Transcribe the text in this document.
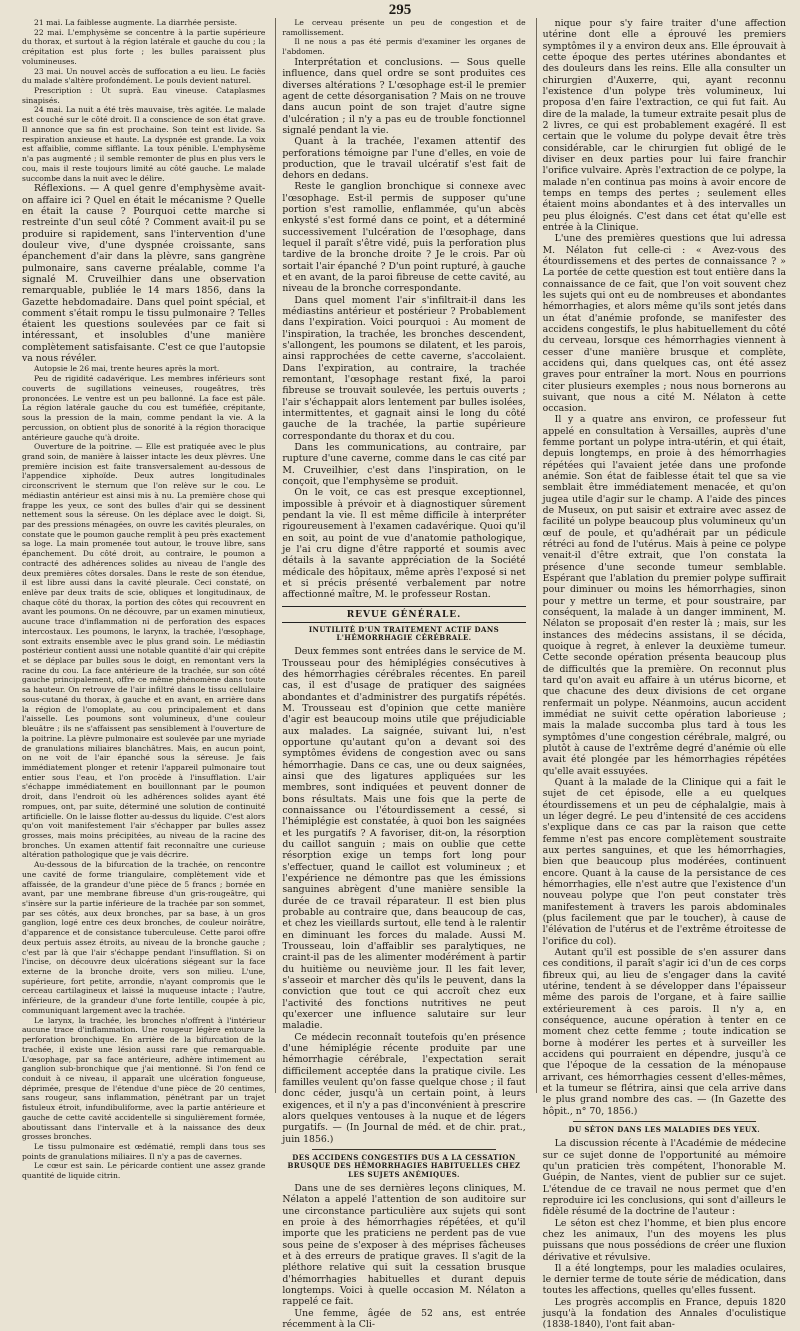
295

21 mai. La faiblesse augmente. La diarrhée persiste.

22 mai. L'emphysème se concentre à la partie supérieure du thorax, et surtout à la région latérale et gauche du cou ; la crépitation est plus forte ; les bulles paraissent plus volumineuses.

23 mai. Un nouvel accès de suffocation a eu lieu. Le faciès du malade s'altère profondément. Le pouls devient naturel.

Prescription : Ut suprà. Eau vineuse. Cataplasmes sinapisés.

24 mai. La nuit a été très mauvaise, très agitée. Le malade est couché sur le côté droit. Il a conscience de son état grave. Il annonce que sa fin est prochaine. Son teint est livide. Sa respiration anxieuse et haute. La dyspnée est grande. La voix est affaiblie, comme sifflante. La toux pénible. L'emphysème n'a pas augmenté ; il semble remonter de plus en plus vers le cou, mais il reste toujours limité au côté gauche. Le malade succombe dans la nuit avec le délire.

Réflexions. — A quel genre d'emphysème avait-on affaire ici ? Quel en était le mécanisme ? Quelle en était la cause ? Pourquoi cette marche si restreinte d'un seul côté ? Comment avait-il pu se produire si rapidement, sans l'intervention d'une douleur vive, d'une dyspnée croissante, sans épanchement d'air dans la plèvre, sans gangrène pulmonaire, sans caverne préalable, comme l'a signalé M. Cruveilhier dans une observation remarquable, publiée le 14 mars 1856, dans la Gazette hebdomadaire. Dans quel point spécial, et comment s'était rompu le tissu pulmonaire ? Telles étaient les questions soulevées par ce fait si intéressant, et insolubles d'une manière complètement satisfaisante. C'est ce que l'autopsie va nous révéler.

Autopsie le 26 mai, trente heures après la mort.

Peu de rigidité cadavérique. Les membres inférieurs sont couverts de sugillations veineuses, rougeâtres, très prononcées. Le ventre est un peu ballonné. La face est pâle. La région latérale gauche du cou est tuméfiée, crépitante, sous la pression de la main, comme pendant la vie. A la percussion, on obtient plus de sonorité à la région thoracique antérieure gauche qu'à droite.

Ouverture de la poitrine. — Elle est pratiquée avec le plus grand soin, de manière à laisser intacte les deux plèvres. Une première incision est faite transversalement au-dessous de l'appendice xiphoïde. Deux autres longitudinales circonscrivent le sternum que l'on relève sur le cou. Le médiastin antérieur est ainsi mis à nu. La première chose qui frappe les yeux, ce sont des bulles d'air qui se dessinent nettement sous la séreuse. On les déplace avec le doigt. Si, par des pressions ménagées, on ouvre les cavités pleurales, on constate que le poumon gauche remplit à peu près exactement sa loge. La main promenée tout autour, le trouve libre, sans épanchement. Du côté droit, au contraire, le poumon a contracté des adhérences solides au niveau de l'angle des deux premières côtes dorsales. Dans le reste de son étendue, il est libre aussi dans la cavité pleurale. Ceci constaté, on enlève par deux traits de scie, obliques et longitudinaux, de chaque côté du thorax, la portion des côtes qui recouvrent en avant les poumons. On ne découvre, par un examen minutieux, aucune trace d'inflammation ni de perforation des espaces intercostaux. Les poumons, le larynx, la trachée, l'œsophage, sont extraits ensemble avec le plus grand soin. Le médiastin postérieur contient aussi une notable quantité d'air qui crépite et se déplace par bulles sous le doigt, en remontant vers la racine du cou. La face antérieure de la trachée, sur son côté gauche principalement, offre ce même phénomène dans toute sa hauteur. On retrouve de l'air infiltré dans le tissu cellulaire sous-cutané du thorax, à gauche et en avant, en arrière dans la région de l'omoplate, au cou principalement et dans l'aisselle. Les poumons sont volumineux, d'une couleur bleuâtre ; ils ne s'affaissent pas sensiblement à l'ouverture de la poitrine. La plèvre pulmonaire est soulevée par une myriade de granulations miliaires blanchâtres. Mais, en aucun point, on ne voit de l'air épanché sous la séreuse. Je fais immédiatement plonger et retenir l'appareil pulmonaire tout entier sous l'eau, et l'on procède à l'insufflation. L'air s'échappe immédiatement en bouillonnant par le poumon droit, dans l'endroit où les adhérences solides ayant été rompues, ont, par suite, déterminé une solution de continuité artificielle. On le laisse flotter au-dessus du liquide. C'est alors qu'on voit manifestement l'air s'échapper par bulles assez grosses, mais moins précipitées, au niveau de la racine des bronches. Un examen attentif fait reconnaître une curieuse altération pathologique que je vais décrire.

Au-dessous de la bifurcation de la trachée, on rencontre une cavité de forme triangulaire, complètement vide et affaissée, de la grandeur d'une pièce de 5 francs ; bornée en avant, par une membrane fibreuse d'un gris-rougeâtre, qui s'insère sur la partie inférieure de la trachée par son sommet, par ses côtés, aux deux bronches, par sa base, à un gros ganglion, logé entre ces deux bronches, de couleur noirâtre, d'apparence et de consistance tuberculeuse. Cette paroi offre deux pertuis assez étroits, au niveau de la bronche gauche ; c'est par là que l'air s'échappe pendant l'insufflation. Si on l'incise, on découvre deux ulcérations siégeant sur la face externe de la bronche droite, vers son milieu. L'une, supérieure, fort petite, arrondie, n'ayant compromis que le cerceau cartilagineux et laissé la muqueuse intacte ; l'autre, inférieure, de la grandeur d'une forte lentille, coupée à pic, communiquant largement avec la trachée.

Le larynx, la trachée, les bronches n'offrent à l'intérieur aucune trace d'inflammation. Une rougeur légère entoure la perforation bronchique. En arrière de la bifurcation de la trachée, il existe une lésion aussi rare que remarquable. L'œsophage, par sa face antérieure, adhère intimement au ganglion sub-bronchique que j'ai mentionné. Si l'on fend ce conduit à ce niveau, il apparaît une ulcération fongueuse, déprimée, presque de l'étendue d'une pièce de 20 centimes, sans rougeur, sans inflammation, pénétrant par un trajet fistuleux étroit, infundibuliforme, avec la partie antérieure et gauche de cette cavité accidentelle si singulièrement formée, aboutissant dans l'intervalle et à la naissance des deux grosses bronches.

Le tissu pulmonaire est œdématié, rempli dans tous ses points de granulations miliaires. Il n'y a pas de cavernes.

Le cœur est sain. Le péricarde contient une assez grande quantité de liquide citrin.

Le cerveau présente un peu de congestion et de ramollissement.

Il ne nous a pas été permis d'examiner les organes de l'abdomen.

Interprétation et conclusions. — Sous quelle influence, dans quel ordre se sont produites ces diverses altérations ? L'œsophage est-il le premier agent de cette désorganisation ? Mais on ne trouve dans aucun point de son trajet d'autre signe d'ulcération ; il n'y a pas eu de trouble fonctionnel signalé pendant la vie.

Quant à la trachée, l'examen attentif des perforations témoigne par l'une d'elles, en voie de production, que le travail ulcératif s'est fait de dehors en dedans.

Reste le ganglion bronchique si connexe avec l'œsophage. Est-il permis de supposer qu'une portion s'est ramollie, enflammée, qu'un abcès enkysté s'est formé dans ce point, et a déterminé successivement l'ulcération de l'œsophage, dans lequel il paraît s'être vidé, puis la perforation plus tardive de la bronche droite ? Je le crois. Par où sortait l'air épanché ? D'un point rupturé, à gauche et en avant, de la paroi fibreuse de cette cavité, au niveau de la bronche correspondante.

Dans quel moment l'air s'infiltrait-il dans les médiastins antérieur et postérieur ? Probablement dans l'expiration. Voici pourquoi : Au moment de l'inspiration, la trachée, les bronches descendent, s'allongent, les poumons se dilatent, et les parois, ainsi rapprochées de cette caverne, s'accolaient. Dans l'expiration, au contraire, la trachée remontant, l'œsophage restant fixé, la paroi fibreuse se trouvait soulevée, les pertuis ouverts ; l'air s'échappait alors lentement par bulles isolées, intermittentes, et gagnait ainsi le long du côté gauche de la trachée, la partie supérieure correspondante du thorax et du cou.

Dans les communications, au contraire, par rupture d'une caverne, comme dans le cas cité par M. Cruveilhier, c'est dans l'inspiration, on le conçoit, que l'emphysème se produit.

On le voit, ce cas est presque exceptionnel, impossible à prévoir et à diagnostiquer sûrement pendant la vie. Il est même difficile à interpréter rigoureusement à l'examen cadavérique. Quoi qu'il en soit, au point de vue d'anatomie pathologique, je l'ai cru digne d'être rapporté et soumis avec détails à la savante appréciation de la Société médicale des hôpitaux, même après l'exposé si net et si précis présenté verbalement par notre affectionné maître, M. le professeur Rostan.

REVUE GÉNÉRALE.
INUTILITÉ D'UN TRAITEMENT ACTIF DANS L'HÉMORRHAGIE CÉRÉBRALE.

Deux femmes sont entrées dans le service de M. Trousseau pour des hémiplégies consécutives à des hémorrhagies cérébrales récentes. En pareil cas, il est d'usage de pratiquer des saignées abondantes et d'administrer des purgatifs répétés. M. Trousseau est d'opinion que cette manière d'agir est beaucoup moins utile que préjudiciable aux malades. La saignée, suivant lui, n'est opportune qu'autant qu'on a devant soi des symptômes évidens de congestion avec ou sans hémorrhagie. Dans ce cas, une ou deux saignées, ainsi que des ligatures appliquées sur les membres, sont indiquées et peuvent donner de bons résultats. Mais une fois que la perte de connaissance ou l'étourdissement a cessé, si l'hémiplégie est constatée, à quoi bon les saignées et les purgatifs ? A favoriser, dit-on, la résorption du caillot sanguin ; mais on oublie que cette résorption exige un temps fort long pour s'effectuer, quand le caillot est volumineux ; et l'expérience ne démontre pas que les émissions sanguines abrègent d'une manière sensible la durée de ce travail réparateur. Il est bien plus probable au contraire que, dans beaucoup de cas, et chez les vieillards surtout, elle tend à le ralentir en diminuant les forces du malade. Aussi M. Trousseau, loin d'affaiblir ses paralytiques, ne craint-il pas de les alimenter modérément à partir du huitième ou neuvième jour. Il les fait lever, s'asseoir et marcher dès qu'ils le peuvent, dans la conviction que tout ce qui accroît chez eux l'activité des fonctions nutritives ne peut qu'exercer une influence salutaire sur leur maladie.

Ce médecin reconnaît toutefois qu'en présence d'une hémiplégie récente produite par une hémorrhagie cérébrale, l'expectation serait difficilement acceptée dans la pratique civile. Les familles veulent qu'on fasse quelque chose ; il faut donc céder, jusqu'à un certain point, à leurs exigences, et il n'y a pas d'inconvénient à prescrire alors quelques ventouses à la nuque et de légers purgatifs. — (In Journal de méd. et de chir. prat., juin 1856.)

DES ACCIDENS CONGESTIFS DUS A LA CESSATION BRUSQUE DES HÉMORRHAGIES HABITUELLES CHEZ LES SUJETS ANÉMIQUES.

Dans une de ses dernières leçons cliniques, M. Nélaton a appelé l'attention de son auditoire sur une circonstance particulière aux sujets qui sont en proie à des hémorrhagies répétées, et qu'il importe que les praticiens ne perdent pas de vue sous peine de s'exposer à des méprises fâcheuses et à des erreurs de pratique graves. Il s'agit de la pléthore relative qui suit la cessation brusque d'hémorrhagies habituelles et durant depuis longtemps. Voici à quelle occasion M. Nélaton a rappelé ce fait.

Une femme, âgée de 52 ans, est entrée récemment à la Cli-

nique pour s'y faire traiter d'une affection utérine dont elle a éprouvé les premiers symptômes il y a environ deux ans. Elle éprouvait à cette époque des pertes utérines abondantes et des douleurs dans les reins. Elle alla consulter un chirurgien d'Auxerre, qui, ayant reconnu l'existence d'un polype très volumineux, lui proposa d'en faire l'extraction, ce qui fut fait. Au dire de la malade, la tumeur extraite pesait plus de 2 livres, ce qui est probablement exagéré. Il est certain que le volume du polype devait être très considérable, car le chirurgien fut obligé de le diviser en deux parties pour lui faire franchir l'orifice vulvaire. Après l'extraction de ce polype, la malade n'en continua pas moins à avoir encore de temps en temps des pertes ; seulement elles étaient moins abondantes et à des intervalles un peu plus éloignés. C'est dans cet état qu'elle est entrée à la Clinique.

L'une des premières questions que lui adressa M. Nélaton fut celle-ci : « Avez-vous des étourdissemens et des pertes de connaissance ? » La portée de cette question est tout entière dans la connaissance de ce fait, que l'on voit souvent chez les sujets qui ont eu de nombreuses et abondantes hémorrhagies, et alors même qu'ils sont jetés dans un état d'anémie profonde, se manifester des accidens congestifs, le plus habituellement du côté du cerveau, lorsque ces hémorrhagies viennent à cesser d'une manière brusque et complète, accidens qui, dans quelques cas, ont été assez graves pour entraîner la mort. Nous en pourrions citer plusieurs exemples ; nous nous bornerons au suivant, que nous a cité M. Nélaton à cette occasion.

Il y a quatre ans environ, ce professeur fut appelé en consultation à Versailles, auprès d'une femme portant un polype intra-utérin, et qui était, depuis longtemps, en proie à des hémorrhagies répétées qui l'avaient jetée dans une profonde anémie. Son état de faiblesse était tel que sa vie semblait être immédiatement menacée, et qu'on jugea utile d'agir sur le champ. A l'aide des pinces de Museux, on put saisir et extraire avec assez de facilité un polype beaucoup plus volumineux qu'un œuf de poule, et qu'adhérait par un pédicule rétréci au fond de l'utérus. Mais à peine ce polype venait-il d'être extrait, que l'on constata la présence d'une seconde tumeur semblable. Espérant que l'ablation du premier polype suffirait pour diminuer ou moins les hémorrhagies, sinon pour y mettre un terme, et pour soustraire, par conséquent, la malade à un danger imminent, M. Nélaton se proposait d'en rester là ; mais, sur les instances des médecins assistans, il se décida, quoique à regret, à enlever la deuxième tumeur. Cette seconde opération présenta beaucoup plus de difficultés que la première. On reconnut plus tard qu'on avait eu affaire à un utérus bicorne, et que chacune des deux divisions de cet organe renfermait un polype. Néanmoins, aucun accident immédiat ne suivit cette opération laborieuse ; mais la malade succomba plus tard à tous les symptômes d'une congestion cérébrale, malgré, ou plutôt à cause de l'extrême degré d'anémie où elle avait été plongée par les hémorrhagies répétées qu'elle avait essuyées.

Quant à la malade de la Clinique qui a fait le sujet de cet épisode, elle a eu quelques étourdissemens et un peu de céphalalgie, mais à un léger degré. Le peu d'intensité de ces accidens s'explique dans ce cas par la raison que cette femme n'est pas encore complètement soustraite aux pertes sanguines, et que les hémorrhagies, bien que beaucoup plus modérées, continuent encore. Quant à la cause de la persistance de ces hémorrhagies, elle n'est autre que l'existence d'un nouveau polype que l'on peut constater très manifestement à travers les parois abdominales (plus facilement que par le toucher), à cause de l'élévation de l'utérus et de l'extrême étroitesse de l'orifice du col).

Autant qu'il est possible de s'en assurer dans ces conditions, il paraît s'agir ici d'un de ces corps fibreux qui, au lieu de s'engager dans la cavité utérine, tendent à se développer dans l'épaisseur même des parois de l'organe, et à faire saillie extérieurement à ces parois. Il n'y a, en conséquence, aucune opération à tenter en ce moment chez cette femme ; toute indication se borne à modérer les pertes et à surveiller les accidens qui pourraient en dépendre, jusqu'à ce que l'époque de la cessation de la ménopause arrivant, ces hémorrhagies cessent d'elles-mêmes, et la tumeur se flétrira, ainsi que cela arrive dans le plus grand nombre des cas. — (In Gazette des hôpit., n° 70, 1856.)

DU SÉTON DANS LES MALADIES DES YEUX.

La discussion récente à l'Académie de médecine sur ce sujet donne de l'opportunité au mémoire qu'un praticien très compétent, l'honorable M. Guépin, de Nantes, vient de publier sur ce sujet. L'étendue de ce travail ne nous permet que d'en reproduire ici les conclusions, qui sont d'ailleurs le fidèle résumé de la doctrine de l'auteur :

Le séton est chez l'homme, et bien plus encore chez les animaux, l'un des moyens les plus puissans que nous possédions de créer une fluxion dérivative et révulsive.

Il a été longtemps, pour les maladies oculaires, le dernier terme de toute série de médication, dans toutes les affections, quelles qu'elles fussent.

Les progrès accomplis en France, depuis 1820 jusqu'à la fondation des Annales d'oculistique (1838-1840), l'ont fait aban-
